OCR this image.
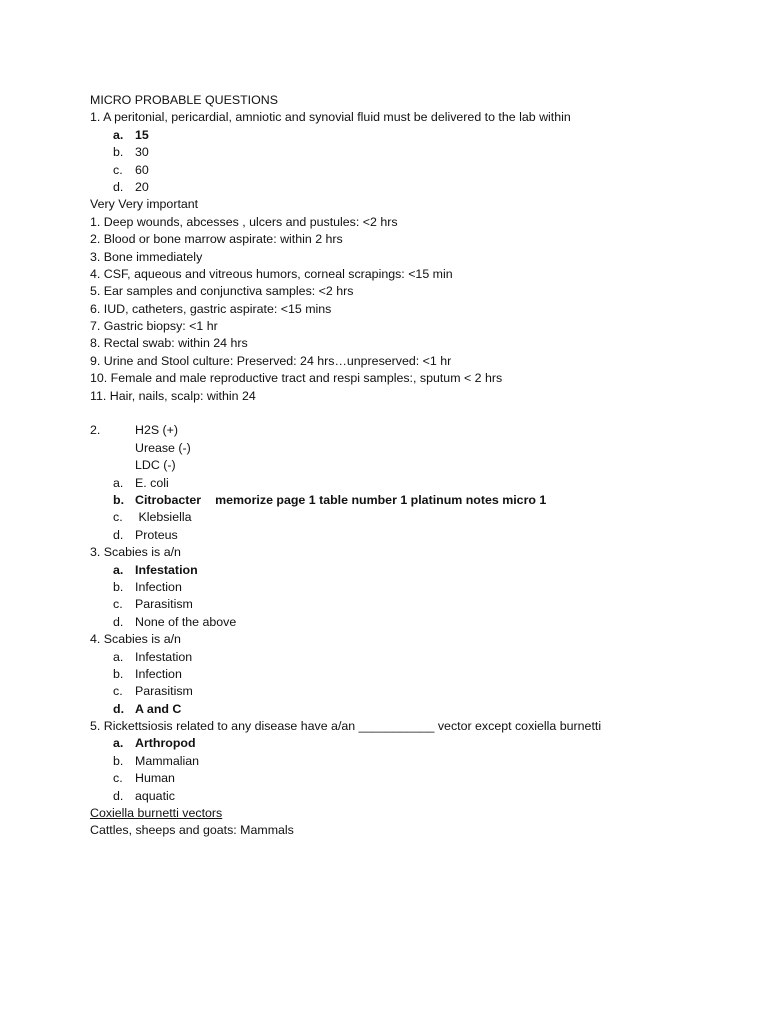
MICRO PROBABLE QUESTIONS
1. A peritonial, pericardial, amniotic and synovial fluid must be delivered to the lab within
a. 15
b. 30
c. 60
d. 20
Very Very important
1. Deep wounds, abcesses , ulcers and pustules: <2 hrs
2. Blood or bone marrow aspirate: within 2 hrs
3. Bone immediately
4. CSF, aqueous and vitreous humors, corneal scrapings: <15 min
5. Ear samples and conjunctiva samples: <2 hrs
6. IUD, catheters, gastric aspirate: <15 mins
7. Gastric biopsy: <1 hr
8. Rectal swab: within 24 hrs
9. Urine and Stool culture: Preserved: 24 hrs…unpreserved: <1 hr
10. Female and male reproductive tract and respi samples:, sputum < 2 hrs
11. Hair, nails, scalp: within 24
2.	H2S (+)
Urease (-)
LDC (-)
a. E. coli
b. Citrobacter memorize page 1 table number 1 platinum notes micro 1
c. Klebsiella
d. Proteus
3. Scabies is a/n
a. Infestation
b. Infection
c. Parasitism
d. None of the above
4. Scabies is a/n
a. Infestation
b. Infection
c. Parasitism
d. A and C
5. Rickettsiosis related to any disease have a/an ___________ vector except coxiella burnetti
a. Arthropod
b. Mammalian
c. Human
d. aquatic
Coxiella burnetti vectors
Cattles, sheeps and goats: Mammals
